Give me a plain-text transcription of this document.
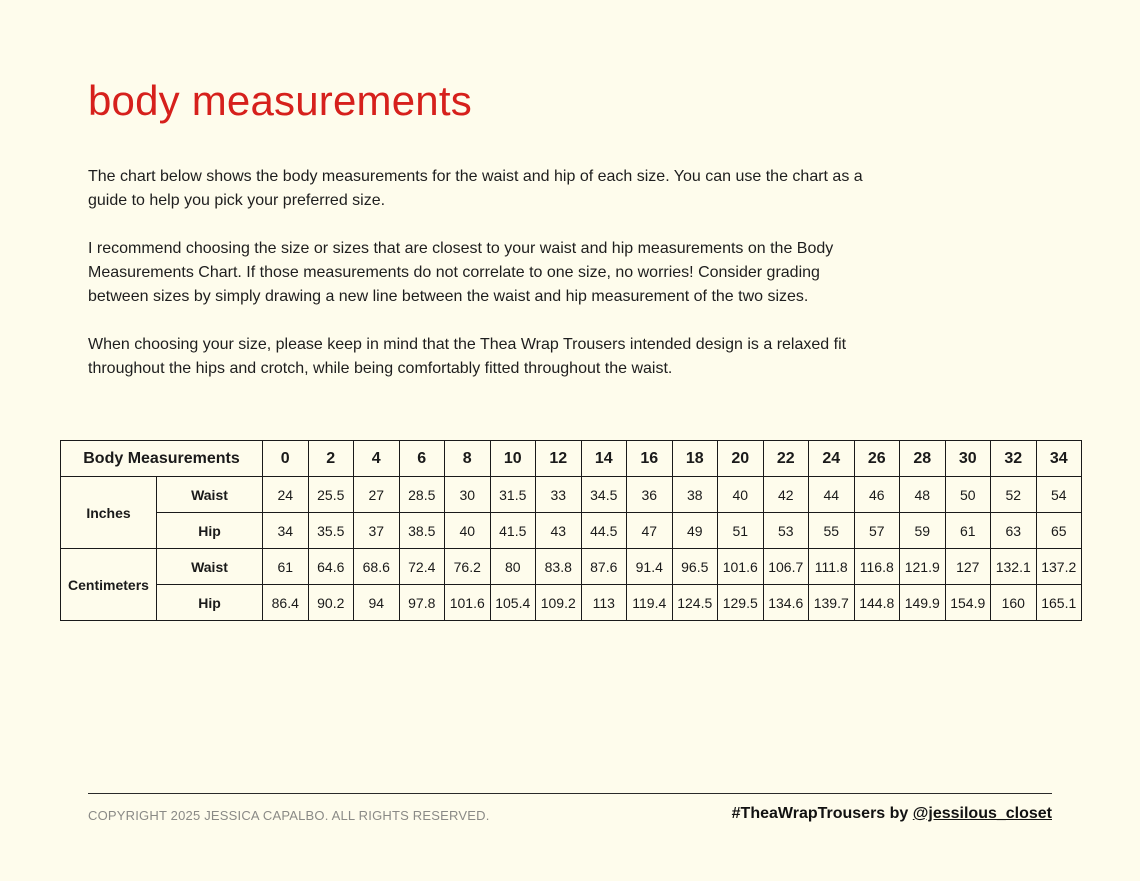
body measurements

The chart below shows the body measurements for the waist and hip of each size. You can use the chart as a guide to help you pick your preferred size.

I recommend choosing the size or sizes that are closest to your waist and hip measurements on the Body Measurements Chart. If those measurements do not correlate to one size, no worries! Consider grading between sizes by simply drawing a new line between the waist and hip measurement of the two sizes.

When choosing your size, please keep in mind that the Thea Wrap Trousers intended design is a relaxed fit throughout the hips and crotch, while being comfortably fitted throughout the waist.

Body Measurements		0	2	4	6	8	10	12	14	16	18	20	22	24	26	28	30	32	34
Inches	Waist	24	25.5	27	28.5	30	31.5	33	34.5	36	38	40	42	44	46	48	50	52	54
	Hip	34	35.5	37	38.5	40	41.5	43	44.5	47	49	51	53	55	57	59	61	63	65
Centimeters	Waist	61	64.6	68.6	72.4	76.2	80	83.8	87.6	91.4	96.5	101.6	106.7	111.8	116.8	121.9	127	132.1	137.2
	Hip	86.4	90.2	94	97.8	101.6	105.4	109.2	113	119.4	124.5	129.5	134.6	139.7	144.8	149.9	154.9	160	165.1
COPYRIGHT 2025 JESSICA CAPALBO. ALL RIGHTS RESERVED.	#TheaWrapTrousers by @jessilous_closet
